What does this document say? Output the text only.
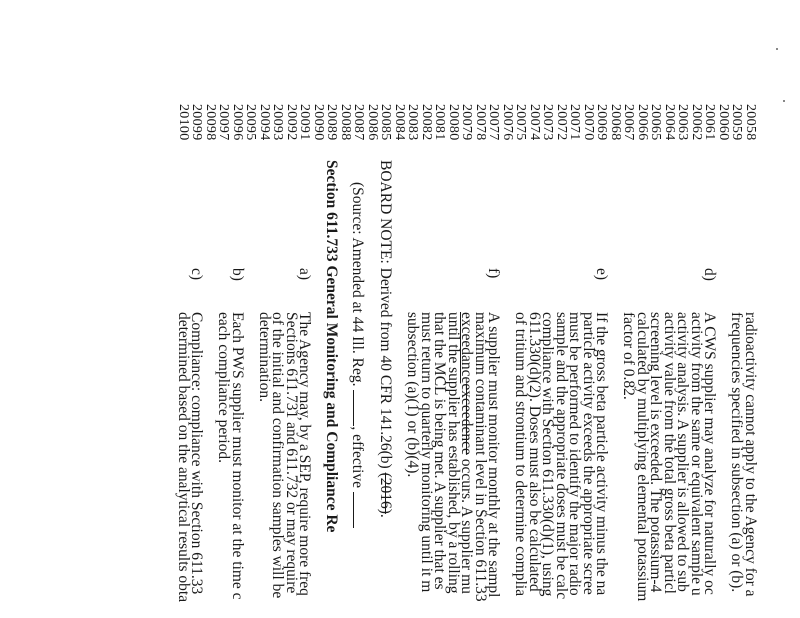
20058
20059
20060
20061
20062
20063
20064
20065
20066
20067
20068
20069
20070
20071
20072
20073
20074
20075
20076
20077
20078
20079
20080
20081
20082
20083
20084
20085
20086
20087
20088
20089
20090
20091
20092
20093
20094
20095
20096
20097
20098
20099
20100
radioactivity cannot apply to the Agency for a
frequencies specified in subsection (a) or (b).
d)
A CWS supplier may analyze for naturally oc
activity from the same or equivalent sample u
activity analysis. A supplier is allowed to sub
activity value from the total gross beta particl
screening level is exceeded. The potassium-4
calculated by multiplying elemental potassium
factor of 0.82.
e)
If the gross beta particle activity minus the na
particle activity exceeds the appropriate scree
must be performed to identify the major radio
sample and the appropriate doses must be calc
compliance with Section 611.330(d)(1), using
611.330(d)(2). Doses must also be calculated
of tritium and strontium to determine complia
f)
A supplier must monitor monthly at the sampl
maximum contaminant level in Section 611.33
exceedanceexceedence occurs. A supplier mu
until the supplier has established, by a rolling
that the MCL is being met. A supplier that es
must return to quarterly monitoring until it m
subsection (a)(1) or (b)(4).
BOARD NOTE: Derived from 40 CFR 141.26(b) (2016).
(Source: Amended at 44 Ill. Reg. , effective
Section 611.733 General Monitoring and Compliance Re
a)
The Agency may, by a SEP, require more freq
Sections 611.731 and 611.732 or may require
of the initial and confirmation samples will be
determination.
b)
Each PWS supplier must monitor at the time c
each compliance period.
c)
Compliance: compliance with Section 611.33
determined based on the analytical results obta
